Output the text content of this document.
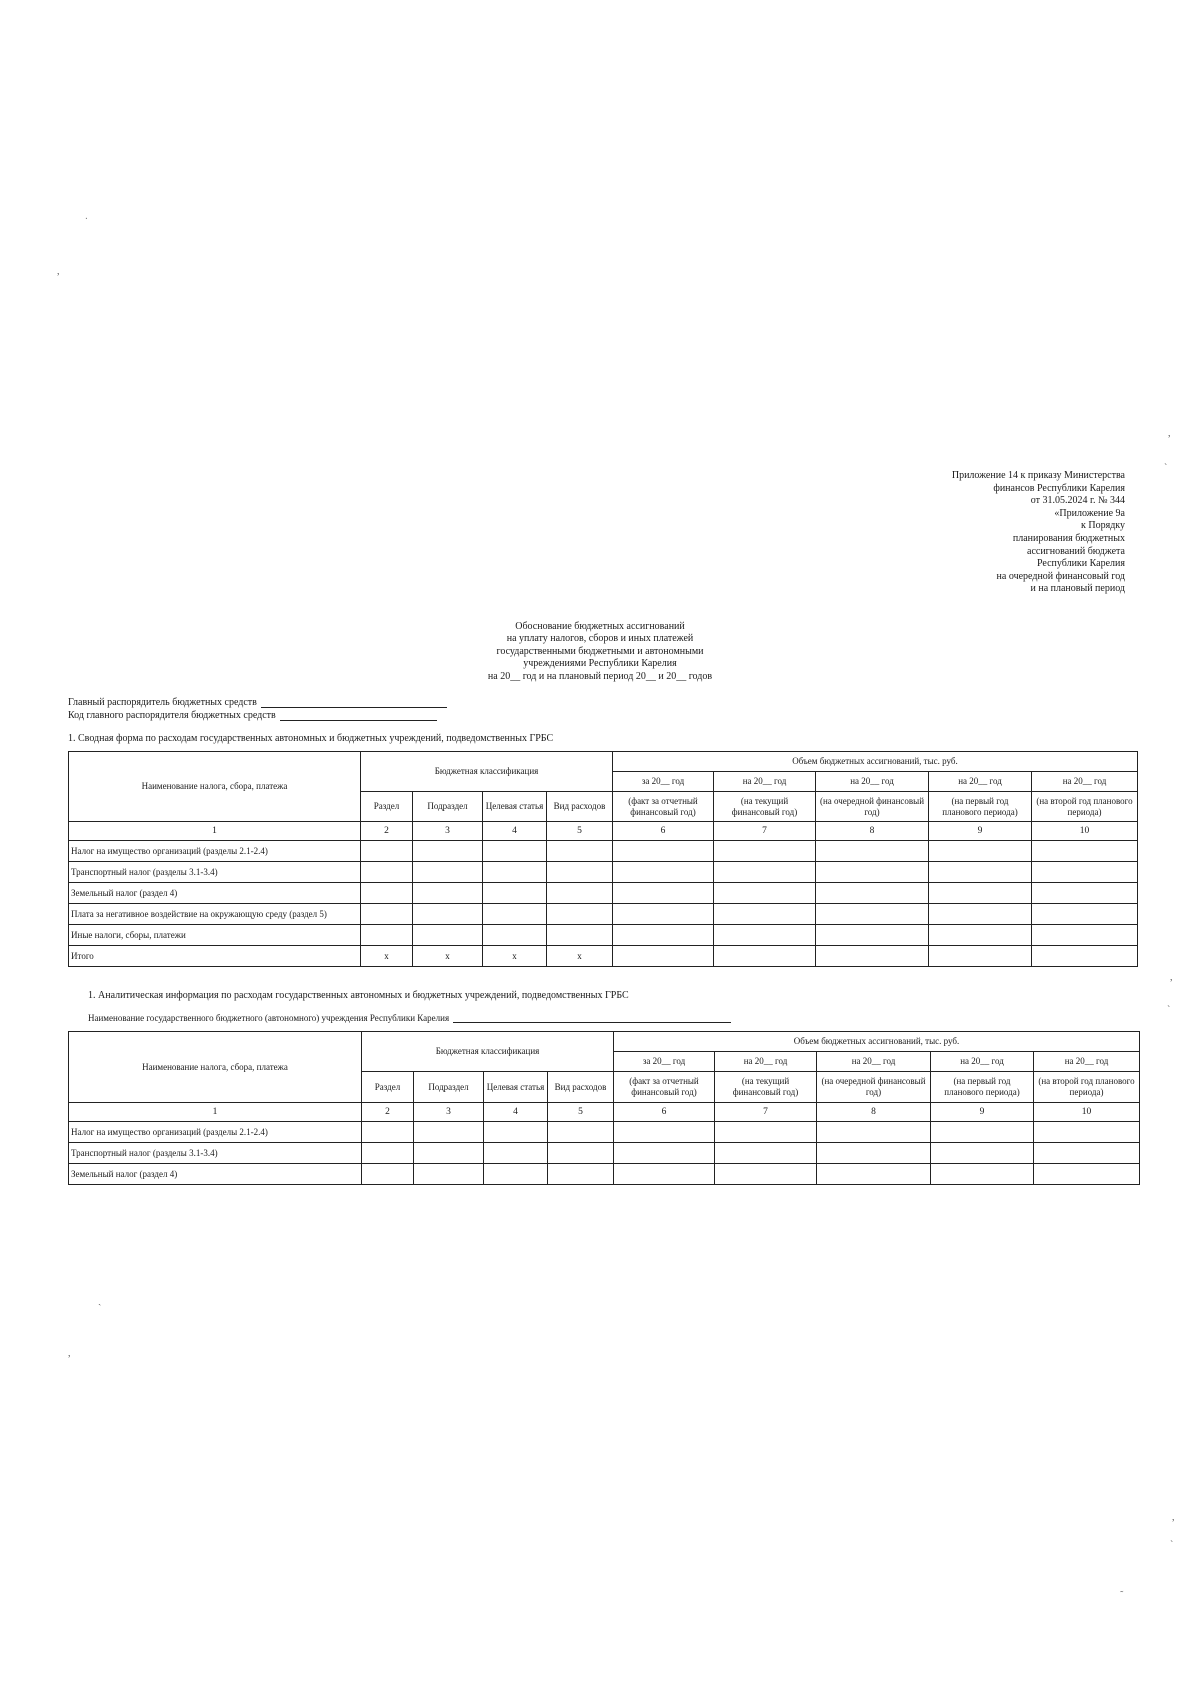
ˑ
,
,
ˋ
,
ˋ
ˏ
,
,
ˋ
˜
Приложение 14 к приказу Министерства
финансов Республики Карелия
от 31.05.2024 г. № 344
«Приложение 9а
к Порядку
планирования бюджетных
ассигнований бюджета
Республики Карелия
на очередной финансовый год
и на плановый период
Обоснование бюджетных ассигнований
на уплату налогов, сборов и иных платежей
государственными бюджетными и автономными
учреждениями Республики Карелия
на 20__ год и на плановый период 20__ и 20__ годов
Главный распорядитель бюджетных средств
Код главного распорядителя бюджетных средств
1. Сводная форма по расходам государственных автономных и бюджетных учреждений, подведомственных ГРБС
Наименование налога, сбора, платежа	Бюджетная классификация				Объем бюджетных ассигнований, тыс. руб.				
					за 20__ год	на 20__ год	на 20__ год	на 20__ год	на 20__ год
	Раздел	Подраздел	Целевая статья	Вид расходов	(факт за отчетный финансовый год)	(на текущий финансовый год)	(на очередной финансовый год)	(на первый год планового периода)	(на второй год планового периода)
1	2	3	4	5	6	7	8	9	10
Налог на имущество организаций (разделы 2.1-2.4)									
Транспортный налог (разделы 3.1-3.4)									
Земельный налог (раздел 4)									
Плата за негативное воздействие на окружающую среду (раздел 5)									
Иные налоги, сборы, платежи									
Итого	x	x	x	x					
1. Аналитическая информация по расходам государственных автономных и бюджетных учреждений, подведомственных ГРБС
Наименование государственного бюджетного (автономного) учреждения Республики Карелия
Наименование налога, сбора, платежа	Бюджетная классификация				Объем бюджетных ассигнований, тыс. руб.				
					за 20__ год	на 20__ год	на 20__ год	на 20__ год	на 20__ год
	Раздел	Подраздел	Целевая статья	Вид расходов	(факт за отчетный финансовый год)	(на текущий финансовый год)	(на очередной финансовый год)	(на первый год планового периода)	(на второй год планового периода)
1	2	3	4	5	6	7	8	9	10
Налог на имущество организаций (разделы 2.1-2.4)									
Транспортный налог (разделы 3.1-3.4)									
Земельный налог (раздел 4)									
